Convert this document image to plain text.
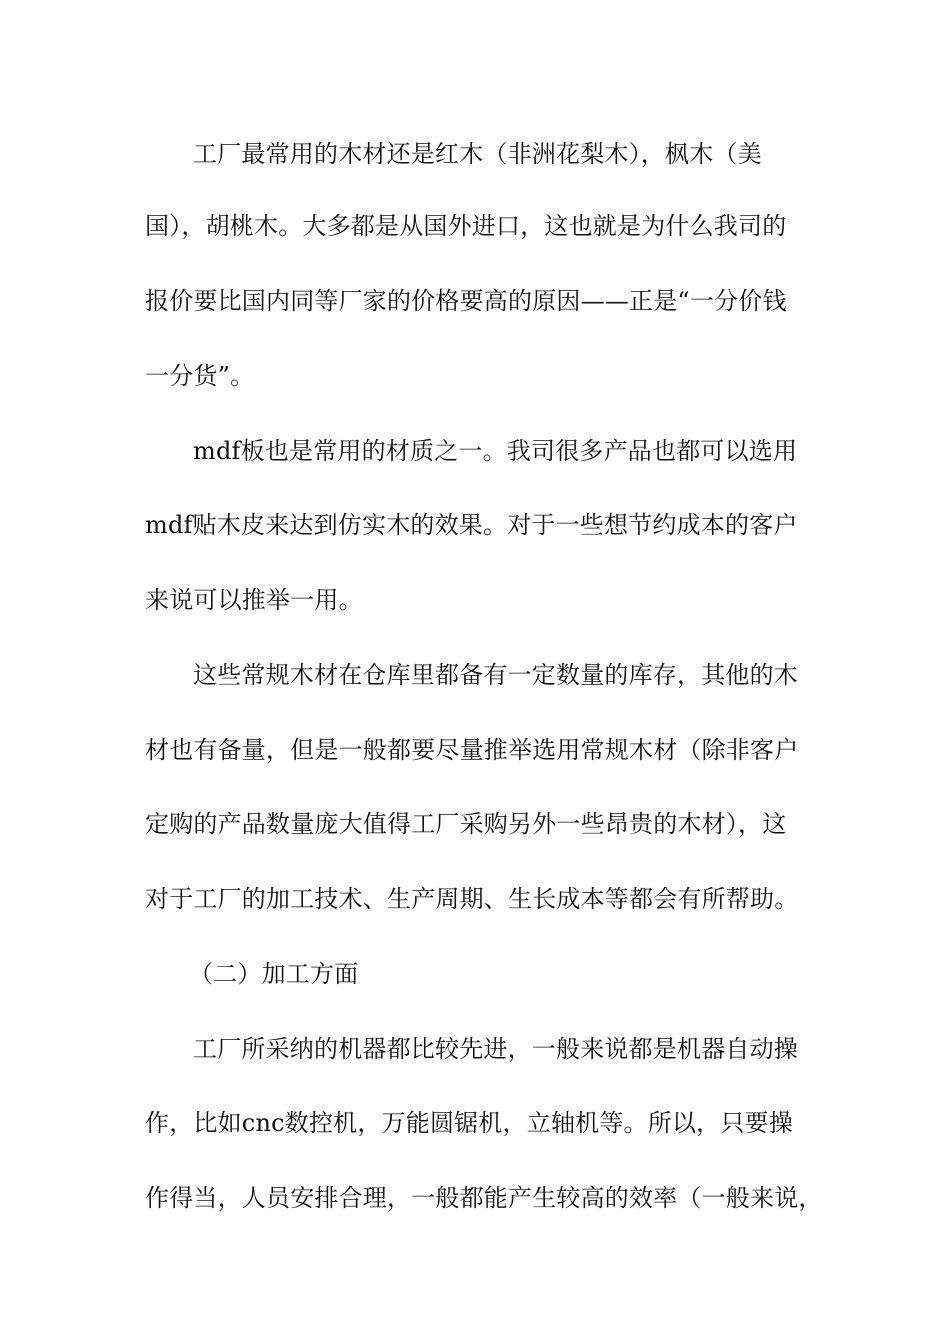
工厂最常用的木材还是红木（非洲花梨木），枫木（美
国），胡桃木。大多都是从国外进口，这也就是为什么我司的
报价要比国内同等厂家的价格要高的原因——正是“一分价钱
一分货”。
mdf板也是常用的材质之一。我司很多产品也都可以选用
mdf贴木皮来达到仿实木的效果。对于一些想节约成本的客户
来说可以推举一用。
这些常规木材在仓库里都备有一定数量的库存，其他的木
材也有备量，但是一般都要尽量推举选用常规木材（除非客户
定购的产品数量庞大值得工厂采购另外一些昂贵的木材），这
对于工厂的加工技术、生产周期、生长成本等都会有所帮助。
（二）加工方面
工厂所采纳的机器都比较先进，一般来说都是机器自动操
作，比如cnc数控机，万能圆锯机，立轴机等。所以，只要操
作得当，人员安排合理，一般都能产生较高的效率（一般来说，
